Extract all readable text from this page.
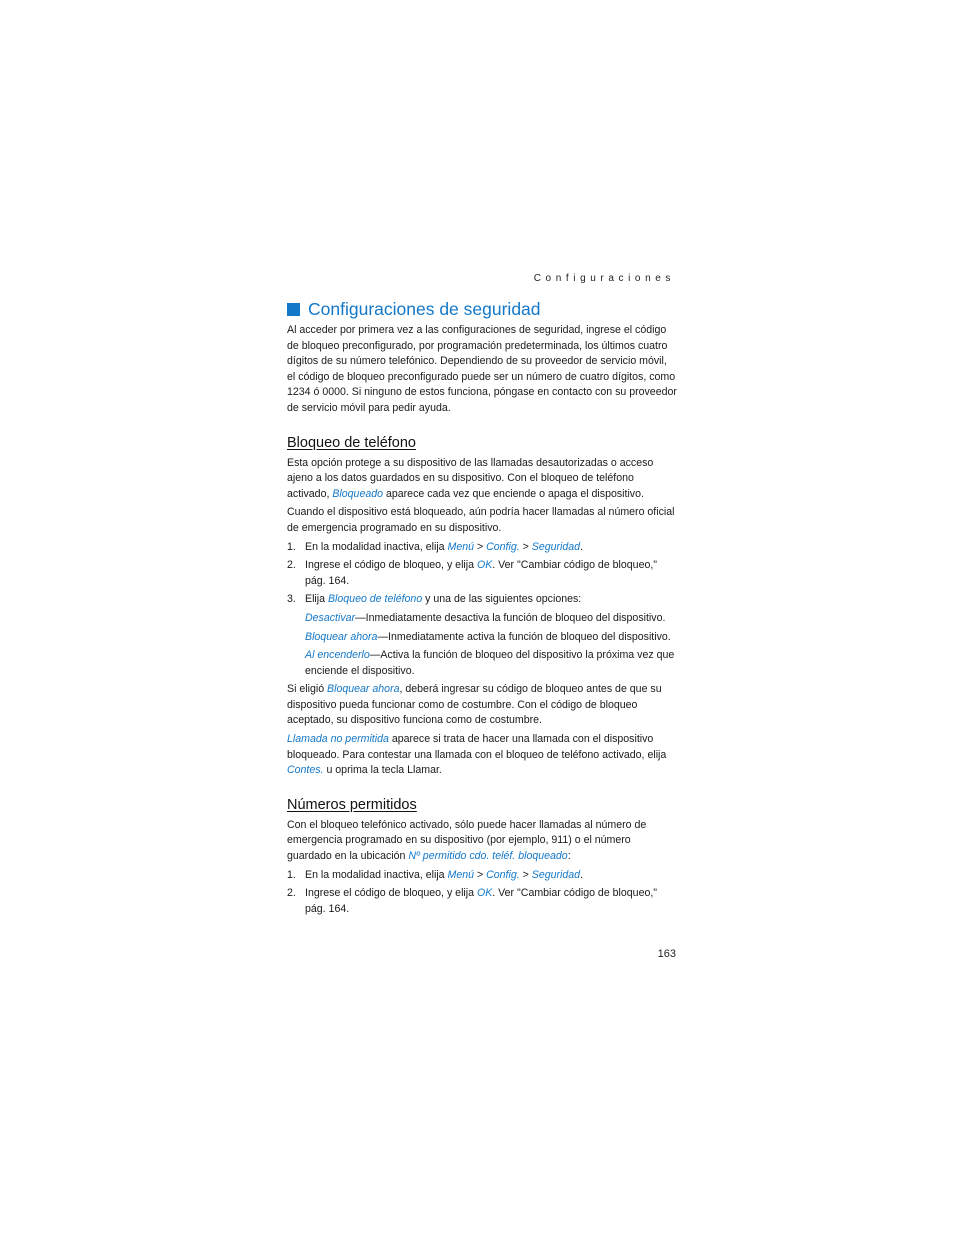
Configuraciones
Configuraciones de seguridad

Al acceder por primera vez a las configuraciones de seguridad, ingrese el código de bloqueo preconfigurado, por programación predeterminada, los últimos cuatro dígitos de su número telefónico. Dependiendo de su proveedor de servicio móvil, el código de bloqueo preconfigurado puede ser un número de cuatro dígitos, como 1234 ó 0000. Si ninguno de estos funciona, póngase en contacto con su proveedor de servicio móvil para pedir ayuda.

Bloqueo de teléfono

Esta opción protege a su dispositivo de las llamadas desautorizadas o acceso ajeno a los datos guardados en su dispositivo. Con el bloqueo de teléfono activado, Bloqueado aparece cada vez que enciende o apaga el dispositivo.

Cuando el dispositivo está bloqueado, aún podría hacer llamadas al número oficial de emergencia programado en su dispositivo.

1. En la modalidad inactiva, elija Menú > Config. > Seguridad.
2. Ingrese el código de bloqueo, y elija OK. Ver "Cambiar código de bloqueo," pág. 164.
3. Elija Bloqueo de teléfono y una de las siguientes opciones:

Desactivar—Inmediatamente desactiva la función de bloqueo del dispositivo.

Bloquear ahora—Inmediatamente activa la función de bloqueo del dispositivo.

Al encenderlo—Activa la función de bloqueo del dispositivo la próxima vez que enciende el dispositivo.

Si eligió Bloquear ahora, deberá ingresar su código de bloqueo antes de que su dispositivo pueda funcionar como de costumbre. Con el código de bloqueo aceptado, su dispositivo funciona como de costumbre.

Llamada no permitida aparece si trata de hacer una llamada con el dispositivo bloqueado. Para contestar una llamada con el bloqueo de teléfono activado, elija Contes. u oprima la tecla Llamar.

Números permitidos

Con el bloqueo telefónico activado, sólo puede hacer llamadas al número de emergencia programado en su dispositivo (por ejemplo, 911) o el número guardado en la ubicación Nº permitido cdo. teléf. bloqueado:

1. En la modalidad inactiva, elija Menú > Config. > Seguridad.
2. Ingrese el código de bloqueo, y elija OK. Ver "Cambiar código de bloqueo," pág. 164.
163
